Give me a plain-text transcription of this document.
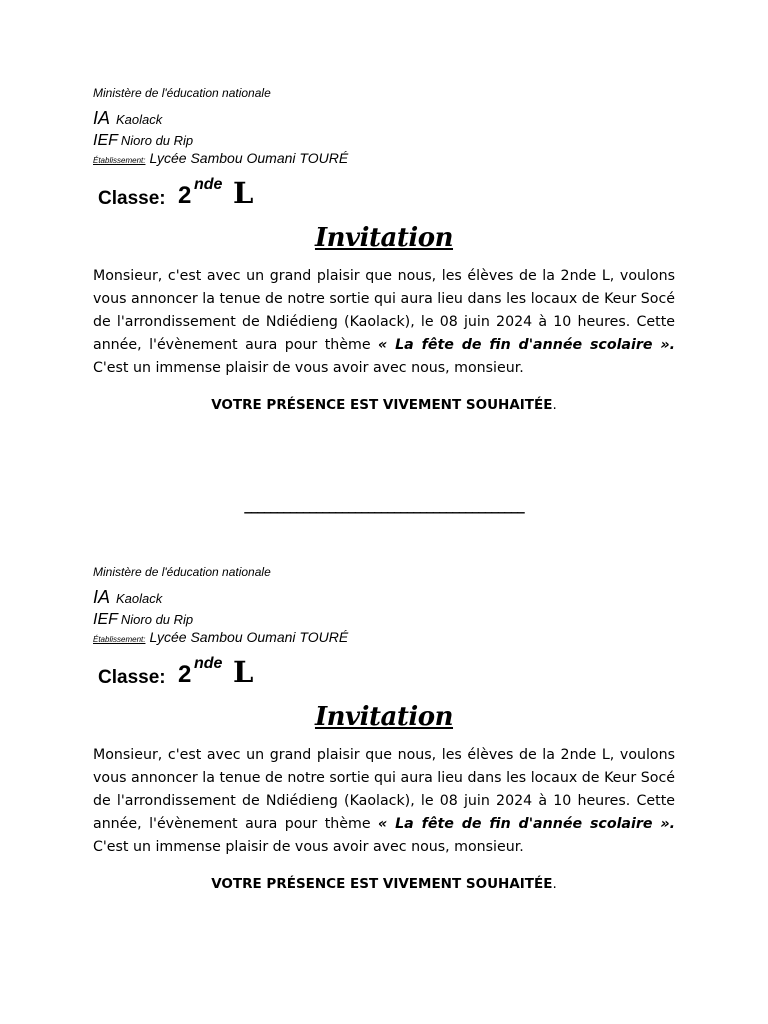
Ministère de l'éducation nationale
IA Kaolack
IEF Nioro du Rip
Établissement: Lycée Sambou Oumani TOURÉ
Classe: 2 nde L
Invitation
Monsieur, c'est avec un grand plaisir que nous, les élèves de la 2nde L, voulons vous annoncer la tenue de notre sortie qui aura lieu dans les locaux de Keur Socé de l'arrondissement de Ndiédieng (Kaolack), le 08 juin 2024 à 10 heures. Cette année, l'évènement aura pour thème « La fête de fin d'année scolaire ». C'est un immense plaisir de vous avoir avec nous, monsieur.
VOTRE PRÉSENCE EST VIVEMENT SOUHAITÉE.
___________________________________________
Ministère de l'éducation nationale
IA Kaolack
IEF Nioro du Rip
Établissement: Lycée Sambou Oumani TOURÉ
Classe: 2 nde L
Invitation
Monsieur, c'est avec un grand plaisir que nous, les élèves de la 2nde L, voulons vous annoncer la tenue de notre sortie qui aura lieu dans les locaux de Keur Socé de l'arrondissement de Ndiédieng (Kaolack), le 08 juin 2024 à 10 heures. Cette année, l'évènement aura pour thème « La fête de fin d'année scolaire ». C'est un immense plaisir de vous avoir avec nous, monsieur.
VOTRE PRÉSENCE EST VIVEMENT SOUHAITÉE.
